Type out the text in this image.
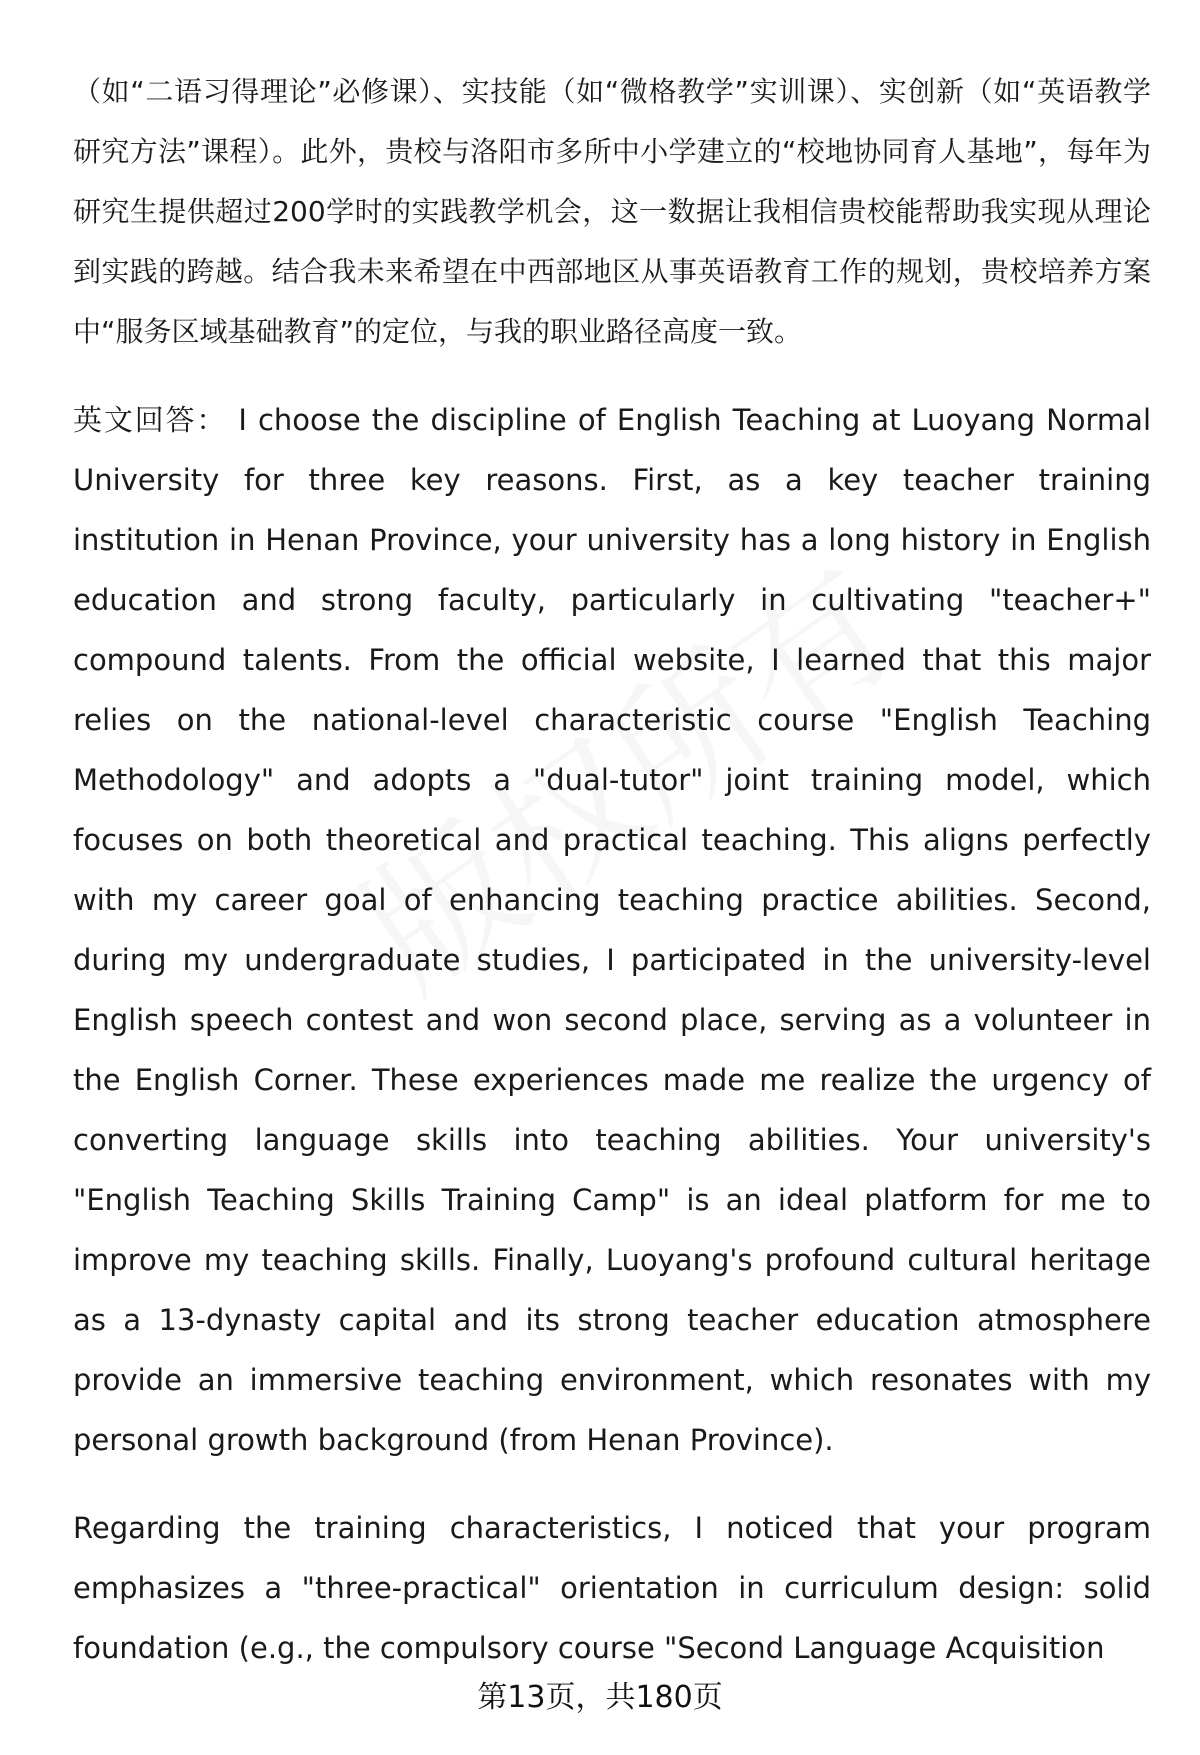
（如“二语习得理论”必修课）、实技能（如“微格教学”实训课）、实创新（如“英语教学研究方法”课程）。此外，贵校与洛阳市多所中小学建立的“校地协同育人基地”，每年为研究生提供超过200学时的实践教学机会，这一数据让我相信贵校能帮助我实现从理论到实践的跨越。结合我未来希望在中西部地区从事英语教育工作的规划，贵校培养方案中“服务区域基础教育”的定位，与我的职业路径高度一致。

英文回答： I choose the discipline of English Teaching at Luoyang Normal University for three key reasons. First, as a key teacher training institution in Henan Province, your university has a long history in English education and strong faculty, particularly in cultivating "teacher+" compound talents. From the official website, I learned that this major relies on the national-level characteristic course "English Teaching Methodology" and adopts a "dual-tutor" joint training model, which focuses on both theoretical and practical teaching. This aligns perfectly with my career goal of enhancing teaching practice abilities. Second, during my undergraduate studies, I participated in the university-level English speech contest and won second place, serving as a volunteer in the English Corner. These experiences made me realize the urgency of converting language skills into teaching abilities. Your university's "English Teaching Skills Training Camp" is an ideal platform for me to improve my teaching skills. Finally, Luoyang's profound cultural heritage as a 13-dynasty capital and its strong teacher education atmosphere provide an immersive teaching environment, which resonates with my personal growth background (from Henan Province).

Regarding the training characteristics, I noticed that your program emphasizes a "three-practical" orientation in curriculum design: solid foundation (e.g., the compulsory course "Second Language Acquisition

第13页，共180页
